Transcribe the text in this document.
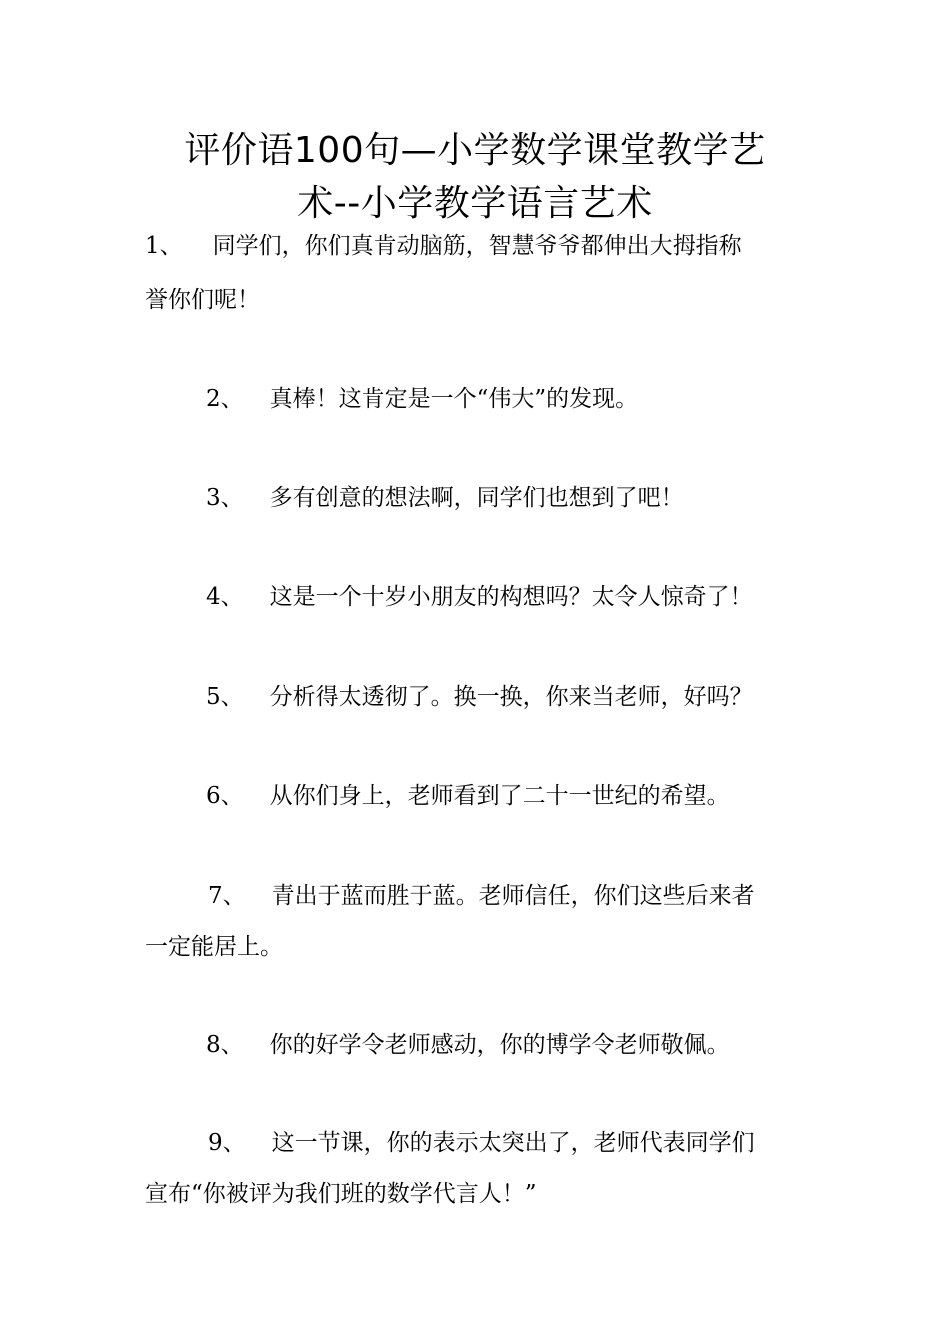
评价语100句—小学数学课堂教学艺
术--小学教学语言艺术

1、 同学们，你们真肯动脑筋，智慧爷爷都伸出大拇指称

誉你们呢！

2、 真棒！这肯定是一个“伟大”的发现。

3、 多有创意的想法啊，同学们也想到了吧！

4、 这是一个十岁小朋友的构想吗？太令人惊奇了！

5、 分析得太透彻了。换一换，你来当老师，好吗？

6、 从你们身上，老师看到了二十一世纪的希望。

7、 青出于蓝而胜于蓝。老师信任，你们这些后来者

一定能居上。

8、 你的好学令老师感动，你的博学令老师敬佩。

9、 这一节课，你的表示太突出了，老师代表同学们

宣布“你被评为我们班的数学代言人！”
